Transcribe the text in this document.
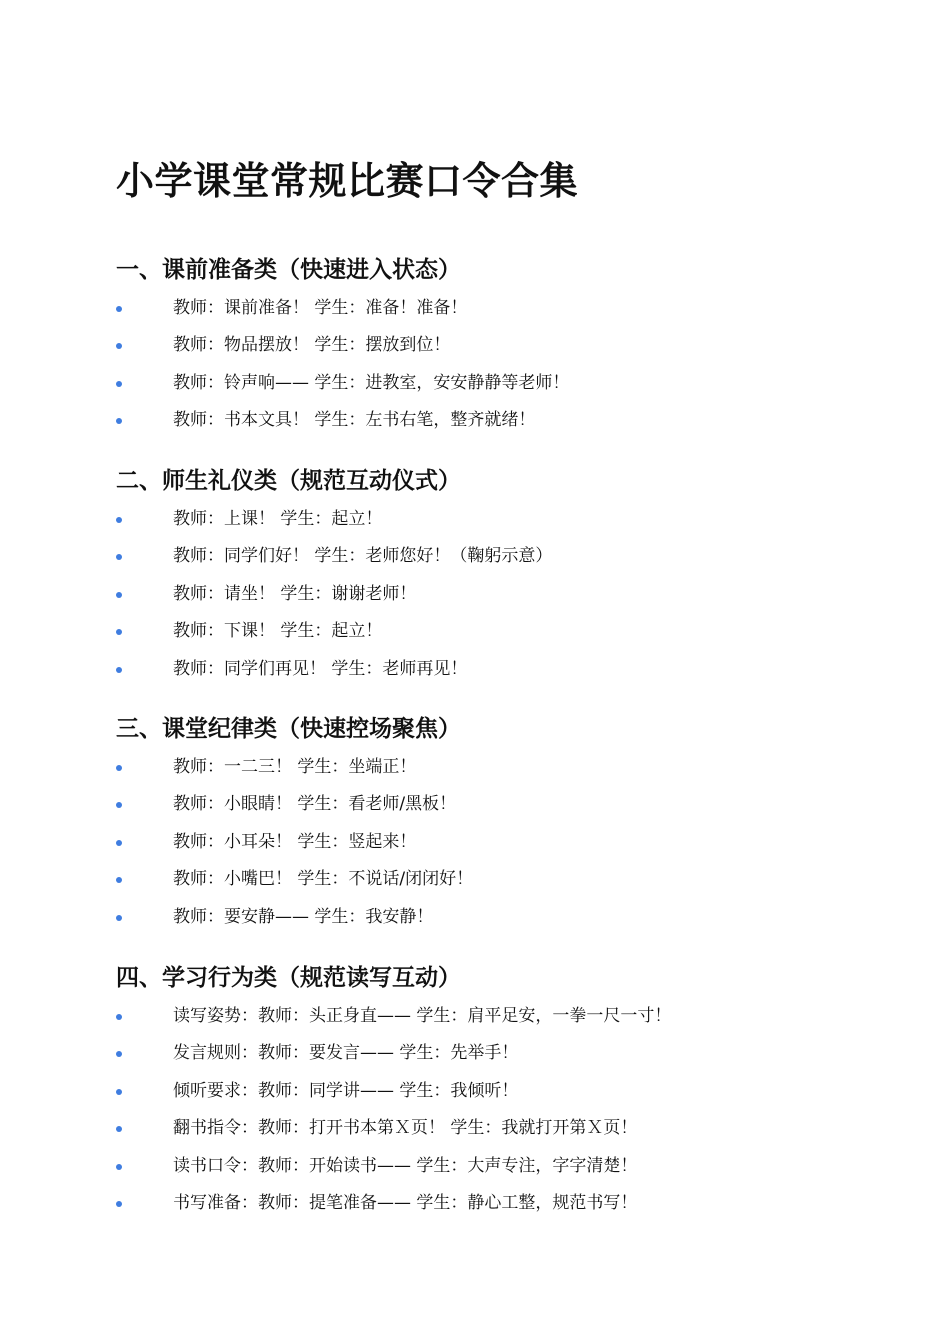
小学课堂常规比赛口令合集
一、课前准备类（快速进入状态）
教师：课前准备！ 学生：准备！准备！
教师：物品摆放！ 学生：摆放到位！
教师：铃声响—— 学生：进教室，安安静静等老师！
教师：书本文具！ 学生：左书右笔，整齐就绪！
二、师生礼仪类（规范互动仪式）
教师：上课！ 学生：起立！
教师：同学们好！ 学生：老师您好！（鞠躬示意）
教师：请坐！ 学生：谢谢老师！
教师：下课！ 学生：起立！
教师：同学们再见！ 学生：老师再见！
三、课堂纪律类（快速控场聚焦）
教师：一二三！ 学生：坐端正！
教师：小眼睛！ 学生：看老师/黑板！
教师：小耳朵！ 学生：竖起来！
教师：小嘴巴！ 学生：不说话/闭闭好！
教师：要安静—— 学生：我安静！
四、学习行为类（规范读写互动）
读写姿势：教师：头正身直—— 学生：肩平足安，一拳一尺一寸！
发言规则：教师：要发言—— 学生：先举手！
倾听要求：教师：同学讲—— 学生：我倾听！
翻书指令：教师：打开书本第Ｘ页！ 学生：我就打开第Ｘ页！
读书口令：教师：开始读书—— 学生：大声专注，字字清楚！
书写准备：教师：提笔准备—— 学生：静心工整，规范书写！
